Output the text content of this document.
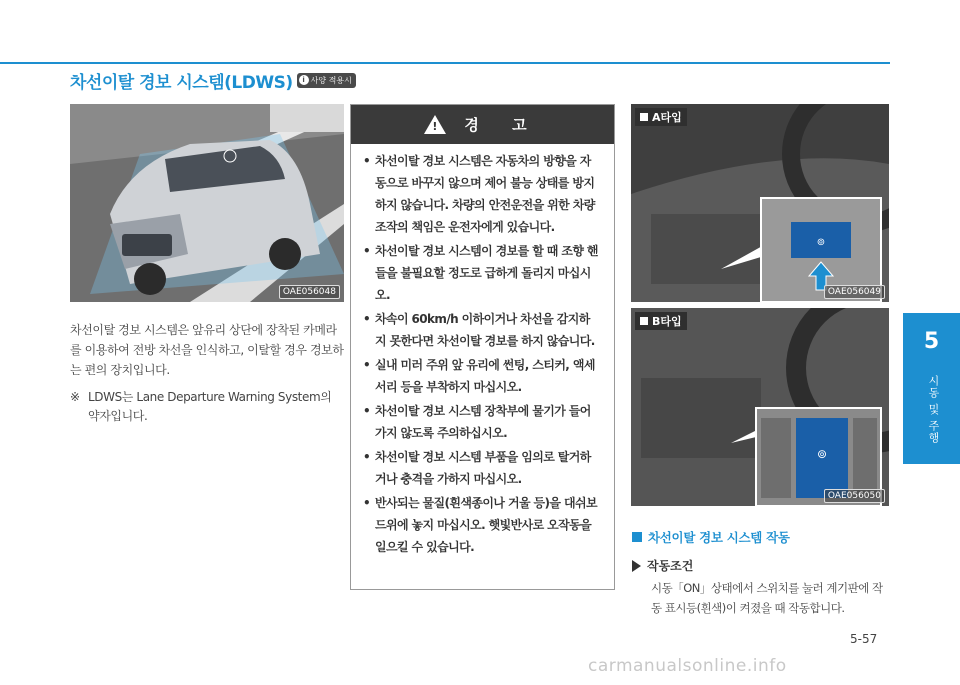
차선이탈 경보 시스템(LDWS)	i 사양 적용시
OAE056048

차선이탈 경보 시스템은 앞유리 상단에 장착된 카메라를 이용하여 전방 차선을 인식하고, 이탈할 경우 경보하는 편의 장치입니다.

※ LDWS는 Lane Departure Warning System의 약자입니다.
! 경 고
• 차선이탈 경보 시스템은 자동차의 방향을 자동으로 바꾸지 않으며 제어 불능 상태를 방지하지 않습니다. 차량의 안전운전을 위한 차량 조작의 책임은 운전자에게 있습니다.
• 차선이탈 경보 시스템이 경보를 할 때 조향 핸들을 불필요할 정도로 급하게 돌리지 마십시오.
• 차속이 60km/h 이하이거나 차선을 감지하지 못한다면 차선이탈 경보를 하지 않습니다.
• 실내 미러 주위 앞 유리에 썬팅, 스티커, 액세서리 등을 부착하지 마십시오.
• 차선이탈 경보 시스템 장착부에 물기가 들어가지 않도록 주의하십시오.
• 차선이탈 경보 시스템 부품을 임의로 탈거하거나 충격을 가하지 마십시오.
• 반사되는 물질(흰색종이나 거울 등)을 대쉬보드위에 놓지 마십시오. 햇빛반사로 오작동을 일으킬 수 있습니다.
⊚
A타입
OAE056049
⊚
B타입
OAE056050
차선이탈 경보 시스템 작동
작동조건

시동「ON」상태에서 스위치를 눌러 계기판에 작동 표시등(흰색)이 켜졌을 때 작동합니다.

5
시동 및 주행
5-57
carmanualsonline.info
